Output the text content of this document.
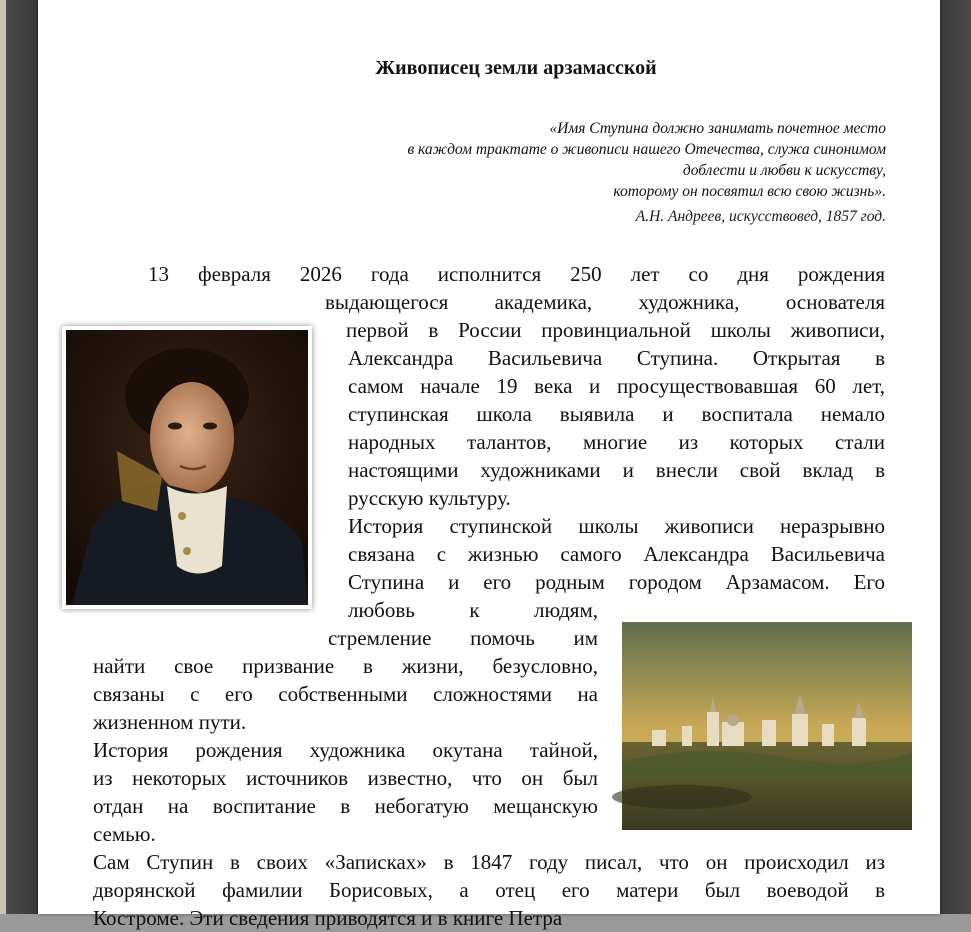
Живописец земли арзамасской
«Имя Ступина должно занимать почетное место
в каждом трактате о живописи нашего Отечества, служа синонимом
доблести и любви к искусству,
которому он посвятил всю свою жизнь».
А.Н. Андреев, искусствовед, 1857 год.
13 февраля 2026 года исполнится 250 лет со дня рождения
выдающегося академика, художника, основателя
первой в России провинциальной школы живописи,
Александра Васильевича Ступина. Открытая в
самом начале 19 века и просуществовавшая 60 лет,
ступинская школа выявила и воспитала немало
народных талантов, многие из которых стали
настоящими художниками и внесли свой вклад в
русскую культуру.
История ступинской школы живописи неразрывно
связана с жизнью самого Александра Васильевича
Ступина и его родным городом Арзамасом. Его
любовь к людям,
стремление помочь им
найти свое призвание в жизни, безусловно,
связаны с его собственными сложностями на
жизненном пути.
История рождения художника окутана тайной,
из некоторых источников известно, что он был
отдан на воспитание в небогатую мещанскую
семью.
Сам Ступин в своих «Записках» в 1847 году писал, что он происходил из
дворянской фамилии Борисовых, а отец его матери был воеводой в
Костроме. Эти сведения приводятся и в книге Петра
